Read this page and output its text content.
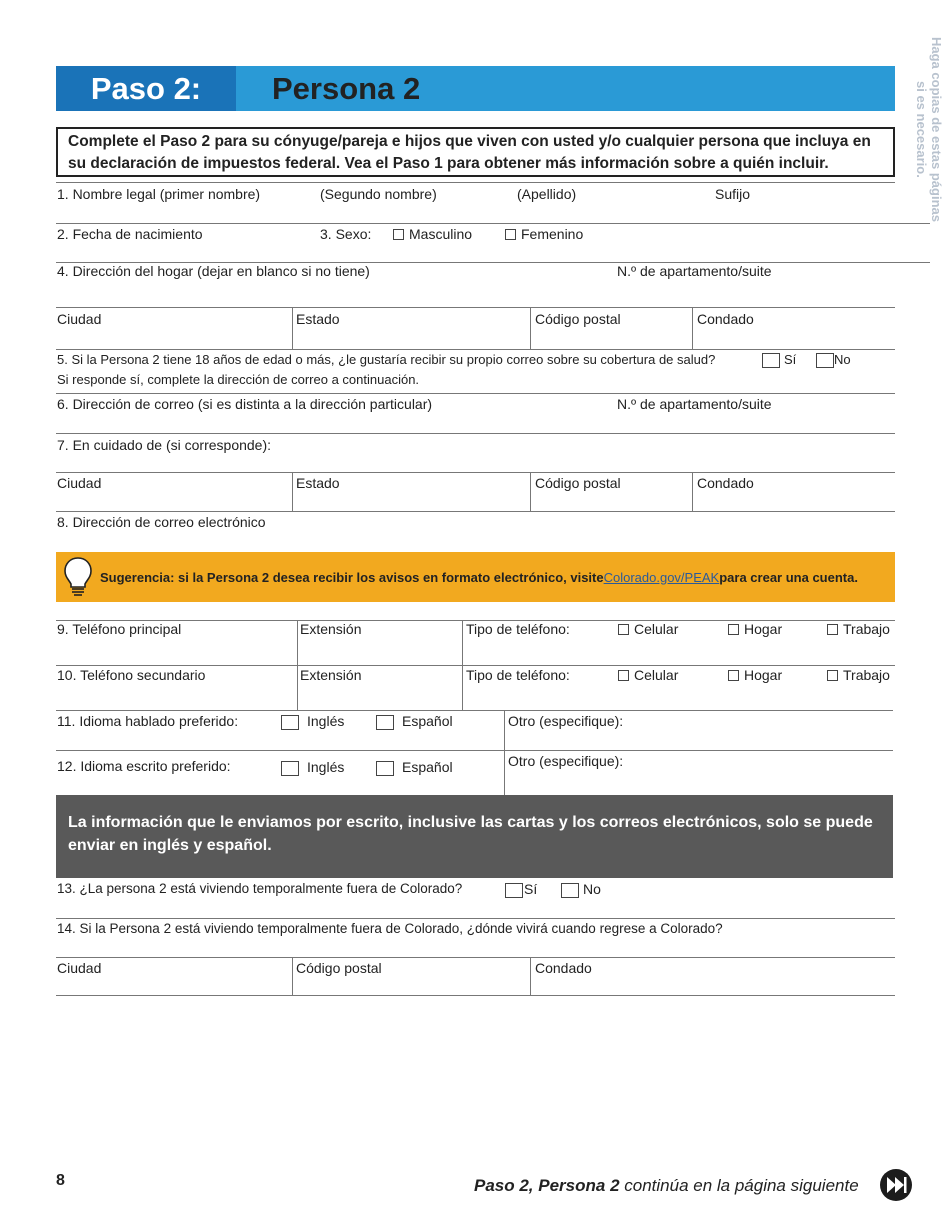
Paso 2:	Persona 2	Haga copias de estas páginas
si es necesario.
Complete el Paso 2 para su cónyuge/pareja e hijos que viven con usted y/o cualquier persona que incluya en su declaración de impuestos federal. Vea el Paso 1 para obtener más información sobre a quién incluir.
1. Nombre legal (primer nombre)	(Segundo nombre)	(Apellido)	Sufijo
2. Fecha de nacimiento	3. Sexo:	Masculino	Femenino
4. Dirección del hogar (dejar en blanco si no tiene)	N.º de apartamento/suite
Ciudad	Estado	Código postal	Condado
5. Si la Persona 2 tiene 18 años de edad o más, ¿le gustaría recibir su propio correo sobre su cobertura de salud?
Si responde sí, complete la dirección de correo a continuación.
Sí	No
6. Dirección de correo (si es distinta a la dirección particular)	N.º de apartamento/suite
7. En cuidado de (si corresponde):
Ciudad	Estado	Código postal	Condado
8. Dirección de correo electrónico
Sugerencia: si la Persona 2 desea recibir los avisos en formato electrónico, visite Colorado.gov/PEAK para crear una cuenta.
9. Teléfono principal	Extensión	Tipo de teléfono:	Celular	Hogar	Trabajo
10. Teléfono secundario	Extensión	Tipo de teléfono:	Celular	Hogar	Trabajo
11. Idioma hablado preferido:	Inglés	Español	Otro (especifique):
12. Idioma escrito preferido:	Inglés	Español	Otro (especifique):
La información que le enviamos por escrito, inclusive las cartas y los correos electrónicos, solo se puede enviar en inglés y español.
13. ¿La persona 2 está viviendo temporalmente fuera de Colorado?	Sí	No
14. Si la Persona 2 está viviendo temporalmente fuera de Colorado, ¿dónde vivirá cuando regrese a Colorado?
Ciudad	Código postal	Condado
8	Paso 2, Persona 2 continúa en la página siguiente
